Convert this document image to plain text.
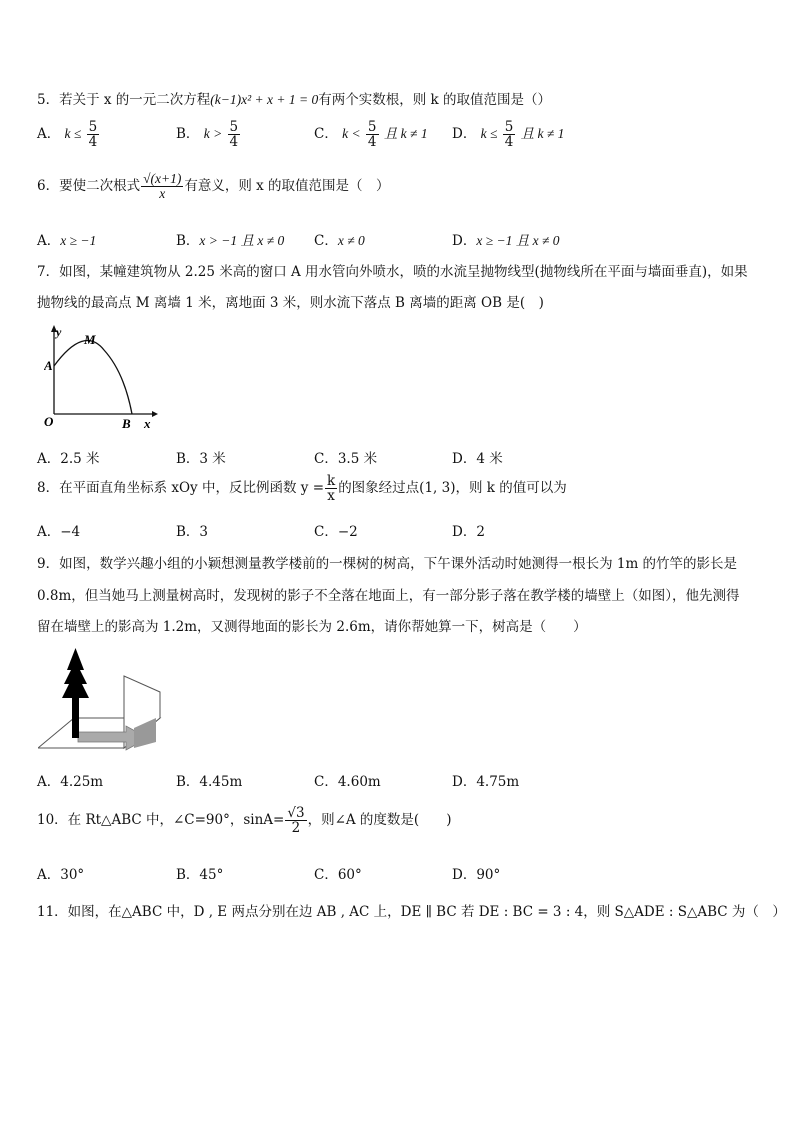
5．若关于 x 的一元二次方程(k−1)x² + x + 1 = 0有两个实数根，则 k 的取值范围是（）
A． $k \le \frac{5}{4}$	B． $k > \frac{5}{4}$	C． $k < \frac{5}{4}$ 且 k ≠ 1 D． $k \le \frac{5}{4}$ 且 k ≠ 1
6．要使二次根式 $\frac{√(x+1)}{x}$ 有意义，则 x 的取值范围是（　）
A．x ≥ −1	B．x > −1 且 x ≠ 0 C．x ≠ 0	D．x ≥ −1 且 x ≠ 0
7．如图，某幢建筑物从 2.25 米高的窗口 A 用水管向外喷水，喷的水流呈抛物线型(抛物线所在平面与墙面垂直)，如果
抛物线的最高点 M 离墙 1 米，离地面 3 米，则水流下落点 B 离墙的距离 OB 是(　)
y M
A
O	B x
A．2.5 米	B．3 米	C．3.5 米	D．4 米
8．在平面直角坐标系 xOy 中，反比例函数 $y = \frac{k}{x}$ 的图象经过点(1, 3)，则 k 的值可以为
A．−4	B．3	C．−2	D．2
9．如图，数学兴趣小组的小颖想测量教学楼前的一棵树的树高，下午课外活动时她测得一根长为 1m 的竹竿的影长是
0.8m，但当她马上测量树高时，发现树的影子不全落在地面上，有一部分影子落在教学楼的墙壁上（如图），他先测得
留在墙壁上的影高为 1.2m，又测得地面的影长为 2.6m，请你帮她算一下，树高是（　　）
A．4.25m	B．4.45m	C．4.60m	D．4.75m
10．在 Rt△ABC 中，∠C=90°，$\sin A= \frac{√3}{2}$ ，则∠A 的度数是(　　)
A．30°	B．45°	C．60°	D．90°
11．如图，在△ABC 中，D , E 两点分别在边 AB , AC 上，DE ∥ BC 若 DE : BC = 3 : 4，则 S△ADE : S△ABC 为（　）
